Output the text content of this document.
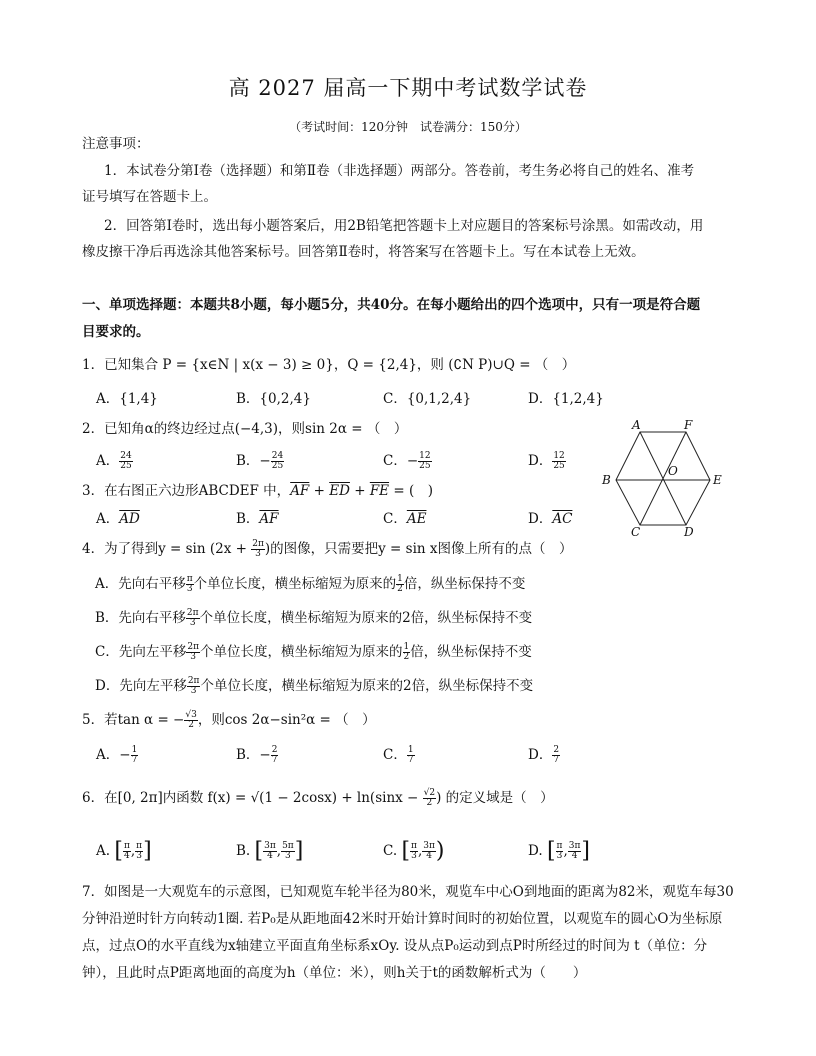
高 2027 届高一下期中考试数学试卷
（考试时间：120分钟　试卷满分：150分）
注意事项：
1．本试卷分第Ⅰ卷（选择题）和第Ⅱ卷（非选择题）两部分。答卷前，考生务必将自己的姓名、准考
证号填写在答题卡上。
2．回答第Ⅰ卷时，选出每小题答案后，用2B铅笔把答题卡上对应题目的答案标号涂黑。如需改动，用
橡皮擦干净后再选涂其他答案标号。回答第Ⅱ卷时，将答案写在答题卡上。写在本试卷上无效。
一、单项选择题：本题共8小题，每小题5分，共40分。在每小题给出的四个选项中，只有一项是符合题
目要求的。
1．已知集合 P = {x∈N | x(x − 3) ≥ 0}，Q = {2,4}，则 (∁N P)∪Q = （　）
A．{1,4}	B．{0,2,4}	C．{0,1,2,4}	D．{1,2,4}
2．已知角α的终边经过点(−4,3)，则sin 2α = （　）
A． $\frac{24}{25}$	B．− $\frac{24}{25}$	C．− $\frac{12}{25}$	D． $\frac{12}{25}$
3．在右图正六边形ABCDEF 中，$\overline{AF} + \overline{ED} + \overline{FE}$ = (　)
A．$\overline{AD}$	B．$\overline{AF}$	C．$\overline{AE}$	D．$\overline{AC}$
A	F
B	E
O
C	D
4．为了得到$y = \sin (2x + \frac{2\pi}{3}$ )的图像，只需要把y = sin x图像上所有的点（　）
A．先向右平移 $\frac{\pi}{3}$ 个单位长度，横坐标缩短为原来的 $\frac{1}{2}$ 倍，纵坐标保持不变
B．先向右平移 $\frac{2\pi}{3}$ 个单位长度，横坐标缩短为原来的2倍，纵坐标保持不变
C．先向左平移 $\frac{2\pi}{3}$ 个单位长度，横坐标缩短为原来的 $\frac{1}{2}$ 倍，纵坐标保持不变
D．先向左平移 $\frac{2\pi}{3}$ 个单位长度，横坐标缩短为原来的2倍，纵坐标保持不变
5．若tan α = − $\frac{√3}{2}$ ，则cos 2α−sin²α = （　）
A．− $\frac{1}{7}$	B．− $\frac{2}{7}$	C． $\frac{1}{7}$	D． $\frac{2}{7}$
6．在[0, 2π]内函数 $f(x) = √(1 - 2\cos x) + \ln(\sin x - \frac{√2}{2}$ ) 的定义域是（　）
A. [ $\frac{\pi}{4}$ , $\frac{\pi}{3}$ ]	B. [ $\frac{3\pi}{4}$ , $\frac{5\pi}{3}$ ]	C. [ $\frac{\pi}{3}$ , $\frac{3\pi}{4}$ )	D. [ $\frac{\pi}{3}$ , $\frac{3\pi}{4}$ ]
7．如图是一大观览车的示意图，已知观览车轮半径为80米，观览车中心O到地面的距离为82米，观览车每30
分钟沿逆时针方向转动1圈. 若P₀是从距地面42米时开始计算时间时的初始位置，以观览车的圆心O为坐标原
点，过点O的水平直线为x轴建立平面直角坐标系xOy. 设从点P₀运动到点P时所经过的时间为 t（单位：分
钟），且此时点P距离地面的高度为h（单位：米），则h关于t的函数解析式为（　　）
